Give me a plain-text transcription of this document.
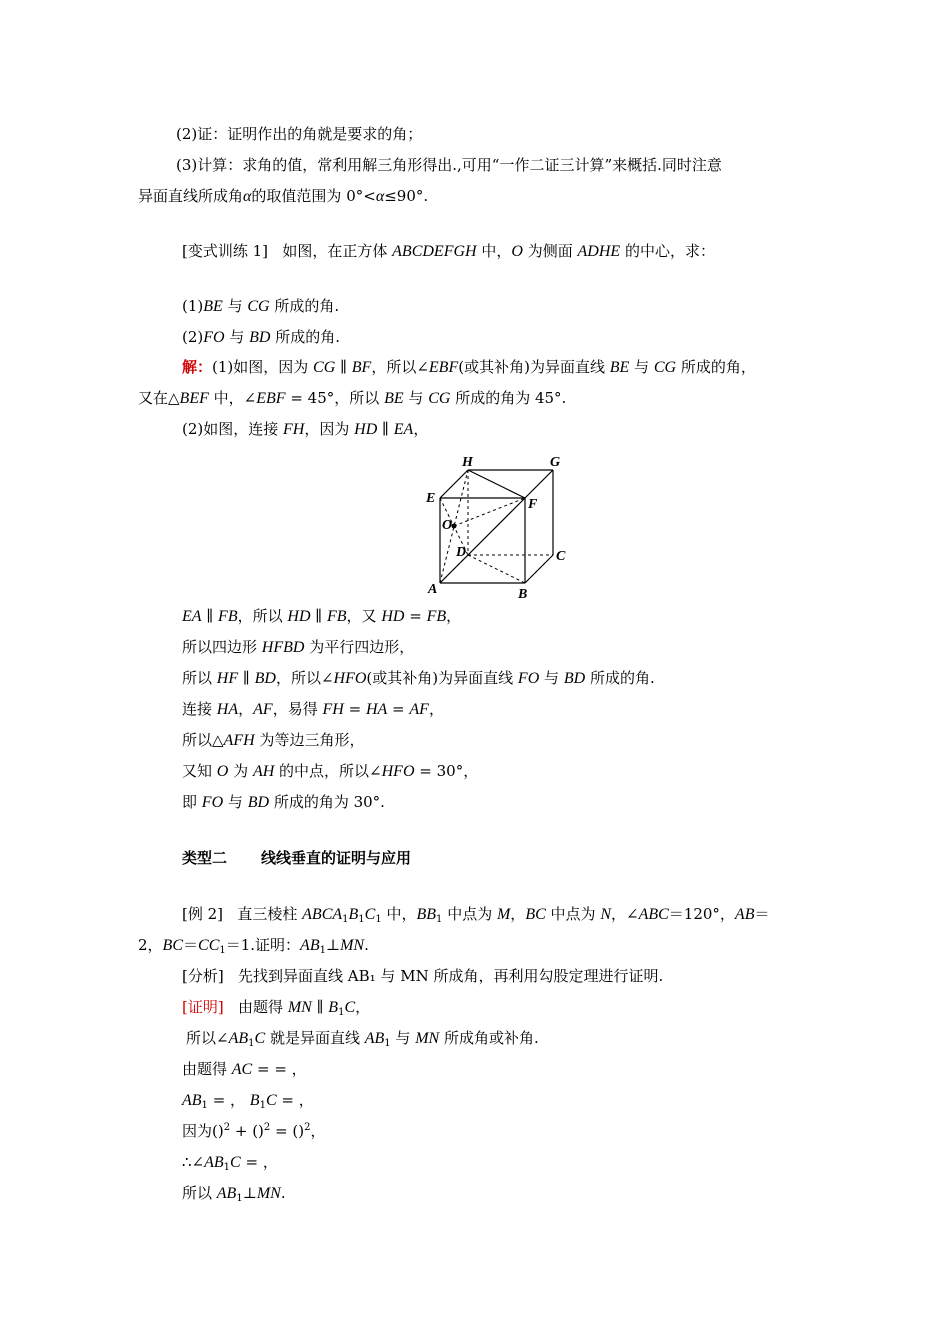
(2)证：证明作出的角就是要求的角；
(3)计算：求角的值，常利用解三角形得出.,可用“一作二证三计算”来概括.同时注意
异面直线所成角α的取值范围为 0°<α≤90°.
[变式训练 1] 如图，在正方体 ABCDEFGH 中，O 为侧面 ADHE 的中心，求：
(1)BE 与 CG 所成的角.
(2)FO 与 BD 所成的角.
解：(1)如图，因为 CG ∥ BF，所以∠EBF(或其补角)为异面直线 BE 与 CG 所成的角，
又在△BEF 中，∠EBF = 45°，所以 BE 与 CG 所成的角为 45°.
(2)如图，连接 FH，因为 HD ∥ EA，
H	G
E	F
O
D	C
A	B
EA ∥ FB，所以 HD ∥ FB，又 HD = FB，
所以四边形 HFBD 为平行四边形，
所以 HF ∥ BD，所以∠HFO(或其补角)为异面直线 FO 与 BD 所成的角.
连接 HA，AF，易得 FH = HA = AF，
所以△AFH 为等边三角形，
又知 O 为 AH 的中点，所以∠HFO = 30°，
即 FO 与 BD 所成的角为 30°.
类型二 线线垂直的证明与应用
[例 2] 直三棱柱 $ABCA_1B_1C_1$ 中，$BB_1$ 中点为 M，BC 中点为 N，∠ABC＝120°，AB＝
2，$BC=CC_1=1$.证明：$AB_1\perp MN$.
[分析] 先找到异面直线 AB₁ 与 MN 所成角，再利用勾股定理进行证明.
[证明] 由题得 MN ∥ $B_1C$，
所以$\angle AB_1C$ 就是异面直线 $AB_1$ 与 MN 所成角或补角.
由题得 AC = = ，
$AB_1$ = ， $B_1C$ = ，
因为()$^2$ + ()$^2$ = ()$^2$，
$\therefore\angle AB_1C$ = ，
所以 $AB_1\perp MN$.
